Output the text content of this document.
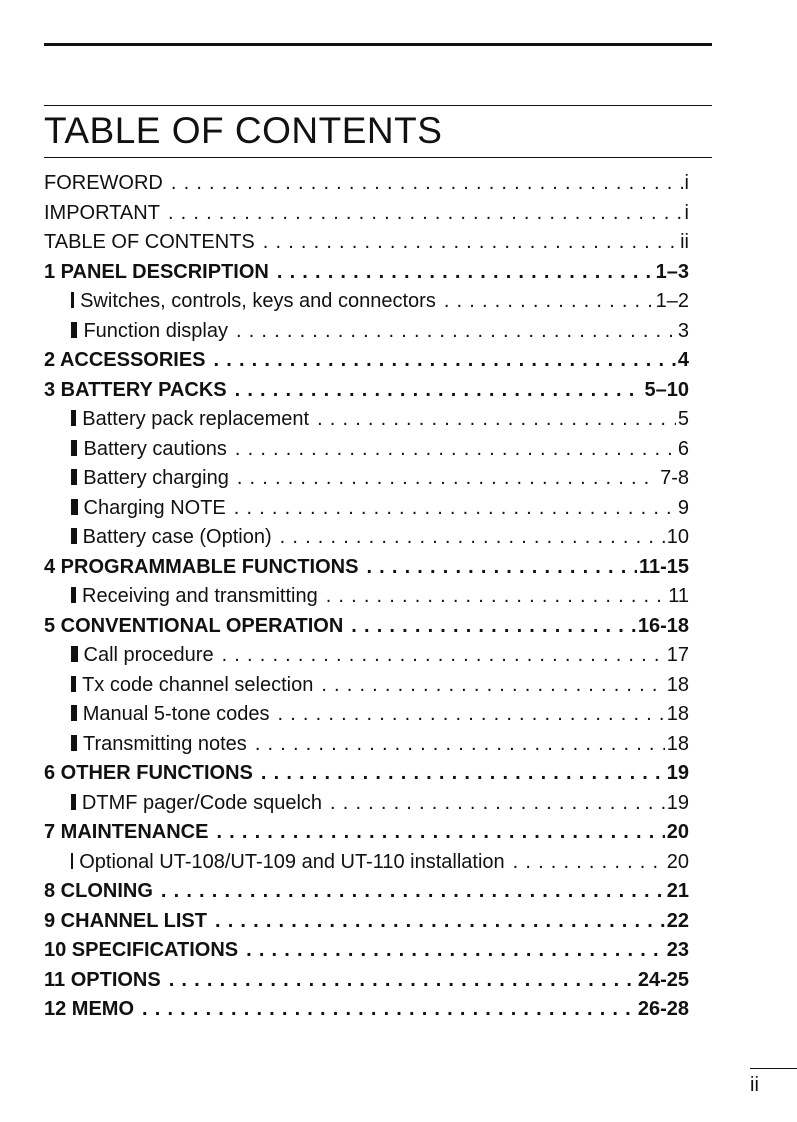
TABLE OF CONTENTS
FOREWORD . . .	i
IMPORTANT . . .	i
TABLE OF CONTENTS . . .	ii
1 PANEL DESCRIPTION . . .	1–3
Switches, controls, keys and connectors . . .	1–2
Function display . . .	3
2 ACCESSORIES . . .	4
3 BATTERY PACKS . . .	5–10
Battery pack replacement . . .	5
Battery cautions . . .	6
Battery charging . . .	7-8
Charging NOTE . . .	9
Battery case (Option) . . .	10
4 PROGRAMMABLE FUNCTIONS . . .	11-15
Receiving and transmitting . . .	11
5 CONVENTIONAL OPERATION . . .	16-18
Call procedure . . .	17
Tx code channel selection . . .	18
Manual 5-tone codes . . .	18
Transmitting notes . . .	18
6 OTHER FUNCTIONS . . .	19
DTMF pager/Code squelch . . .	19
7 MAINTENANCE . . .	20
Optional UT-108/UT-109 and UT-110 installation . . .	20
8 CLONING . . .	21
9 CHANNEL LIST . . .	22
10 SPECIFICATIONS . . .	23
11 OPTIONS . . .	24-25
12 MEMO . . .	26-28
ii
